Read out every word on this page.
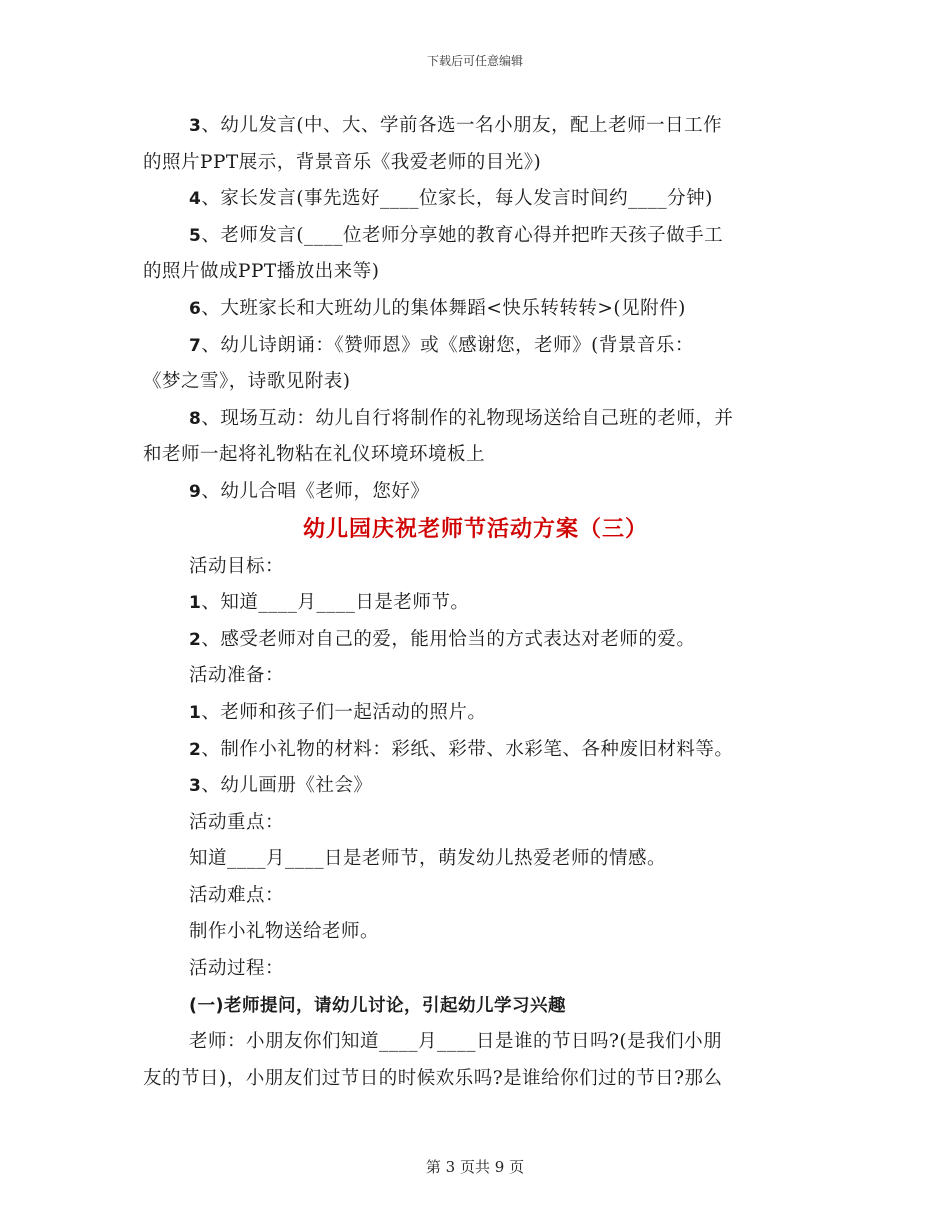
下载后可任意编辑

3、幼儿发言(中、大、学前各选一名小朋友，配上老师一日工作

的照片PPT展示，背景音乐《我爱老师的目光》)

4、家长发言(事先选好____位家长，每人发言时间约____分钟)

5、老师发言(____位老师分享她的教育心得并把昨天孩子做手工

的照片做成PPT播放出来等)

6、大班家长和大班幼儿的集体舞蹈<快乐转转转>(见附件)

7、幼儿诗朗诵：《赞师恩》或《感谢您，老师》(背景音乐：

《梦之雪》，诗歌见附表)

8、现场互动：幼儿自行将制作的礼物现场送给自己班的老师，并

和老师一起将礼物粘在礼仪环境环境板上

9、幼儿合唱《老师，您好》

幼儿园庆祝老师节活动方案（三）

活动目标：

1、知道____月____日是老师节。

2、感受老师对自己的爱，能用恰当的方式表达对老师的爱。

活动准备：

1、老师和孩子们一起活动的照片。

2、制作小礼物的材料：彩纸、彩带、水彩笔、各种废旧材料等。

3、幼儿画册《社会》

活动重点：

知道____月____日是老师节，萌发幼儿热爱老师的情感。

活动难点：

制作小礼物送给老师。

活动过程：

(一)老师提问，请幼儿讨论，引起幼儿学习兴趣

老师：小朋友你们知道____月____日是谁的节日吗?(是我们小朋

友的节日)，小朋友们过节日的时候欢乐吗?是谁给你们过的节日?那么

第 3 页共 9 页
